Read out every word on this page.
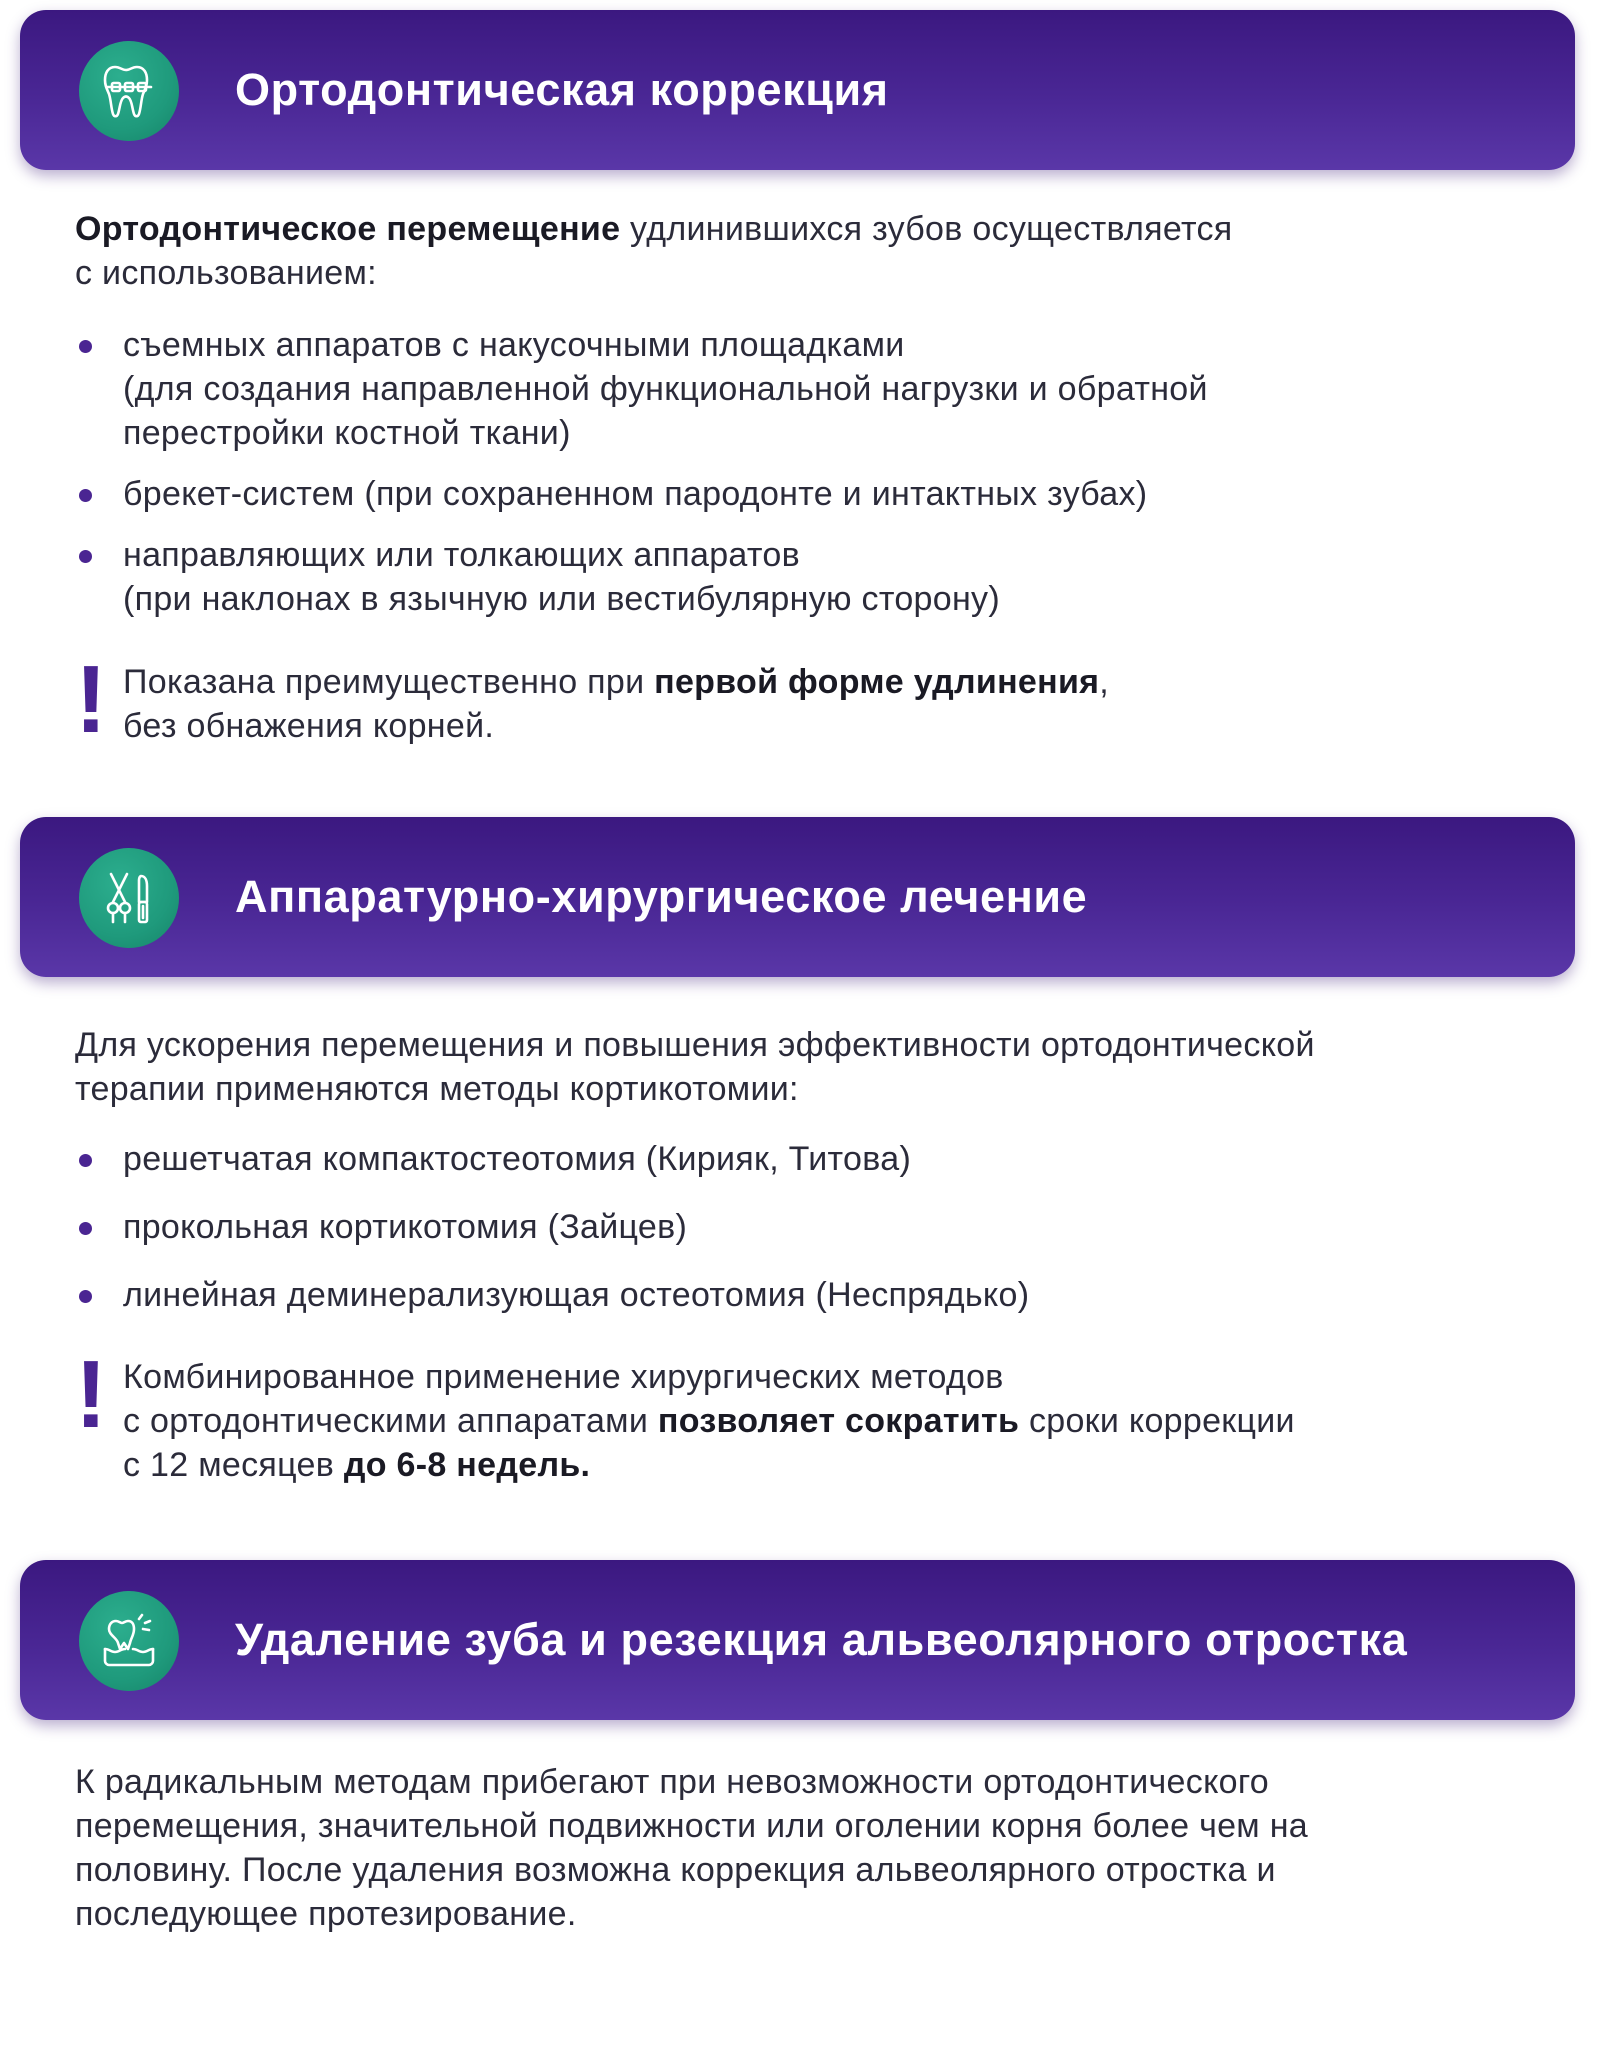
Ортодонтическая коррекция

Ортодонтическое перемещение удлинившихся зубов осуществляется
с использованием:

съемных аппаратов с накусочными площадками
(для создания направленной функциональной нагрузки и обратной
перестройки костной ткани)
брекет-систем (при сохраненном пародонте и интактных зубах)
направляющих или толкающих аппаратов
(при наклонах в язычную или вестибулярную сторону)
! Показана преимущественно при первой форме удлинения,
без обнажения корней.
Аппаратурно-хирургическое лечение

Для ускорения перемещения и повышения эффективности ортодонтической
терапии применяются методы кортикотомии:

решетчатая компактостеотомия (Кирияк, Титова)
прокольная кортикотомия (Зайцев)
линейная деминерализующая остеотомия (Неспрядько)
! Комбинированное применение хирургических методов
с ортодонтическими аппаратами позволяет сократить сроки коррекции
с 12 месяцев до 6-8 недель.
Удаление зуба и резекция альвеолярного отростка

К радикальным методам прибегают при невозможности ортодонтического
перемещения, значительной подвижности или оголении корня более чем на
половину. После удаления возможна коррекция альвеолярного отростка и
последующее протезирование.
